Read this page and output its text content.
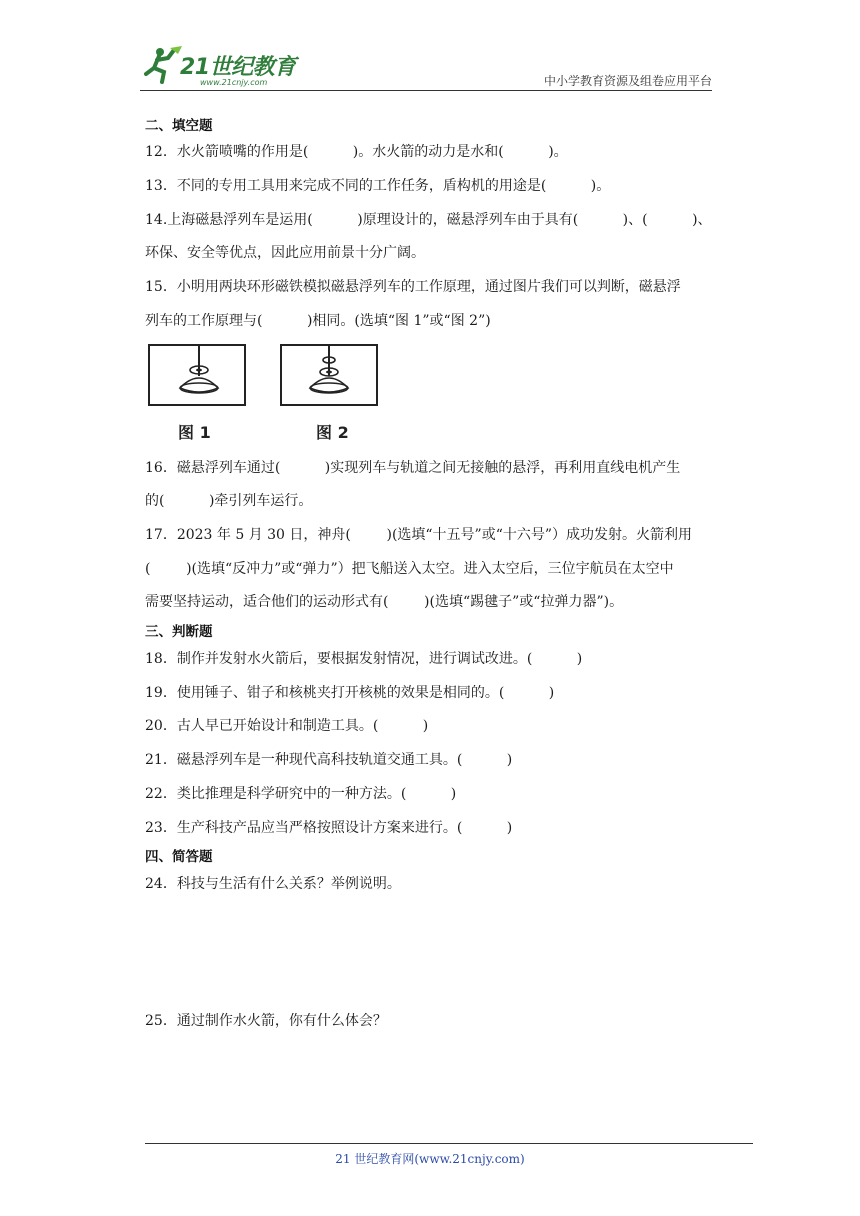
21世纪教育
www.21cnjy.com	中小学教育资源及组卷应用平台
二、填空题
12．水火箭喷嘴的作用是(          )。水火箭的动力是水和(          )。
13．不同的专用工具用来完成不同的工作任务，盾构机的用途是(          )。
14.上海磁悬浮列车是运用(          )原理设计的，磁悬浮列车由于具有(          )、(          )、
环保、安全等优点，因此应用前景十分广阔。
15．小明用两块环形磁铁模拟磁悬浮列车的工作原理，通过图片我们可以判断，磁悬浮
列车的工作原理与(          )相同。(选填“图 1”或“图 2”)
图 1	图 2
16．磁悬浮列车通过(          )实现列车与轨道之间无接触的悬浮，再利用直线电机产生
的(          )牵引列车运行。
17．2023 年 5 月 30 日，神舟(        )(选填“十五号”或“十六号”）成功发射。火箭利用
(        )(选填“反冲力”或“弹力”）把飞船送入太空。进入太空后，三位宇航员在太空中
需要坚持运动，适合他们的运动形式有(        )(选填“踢毽子”或“拉弹力器”)。
三、判断题
18．制作并发射水火箭后，要根据发射情况，进行调试改进。(          )
19．使用锤子、钳子和核桃夹打开核桃的效果是相同的。(          )
20．古人早已开始设计和制造工具。(          )
21．磁悬浮列车是一种现代高科技轨道交通工具。(          )
22．类比推理是科学研究中的一种方法。(          )
23．生产科技产品应当严格按照设计方案来进行。(          )
四、简答题
24．科技与生活有什么关系？举例说明。
25．通过制作水火箭，你有什么体会？
21 世纪教育网(www.21cnjy.com)
